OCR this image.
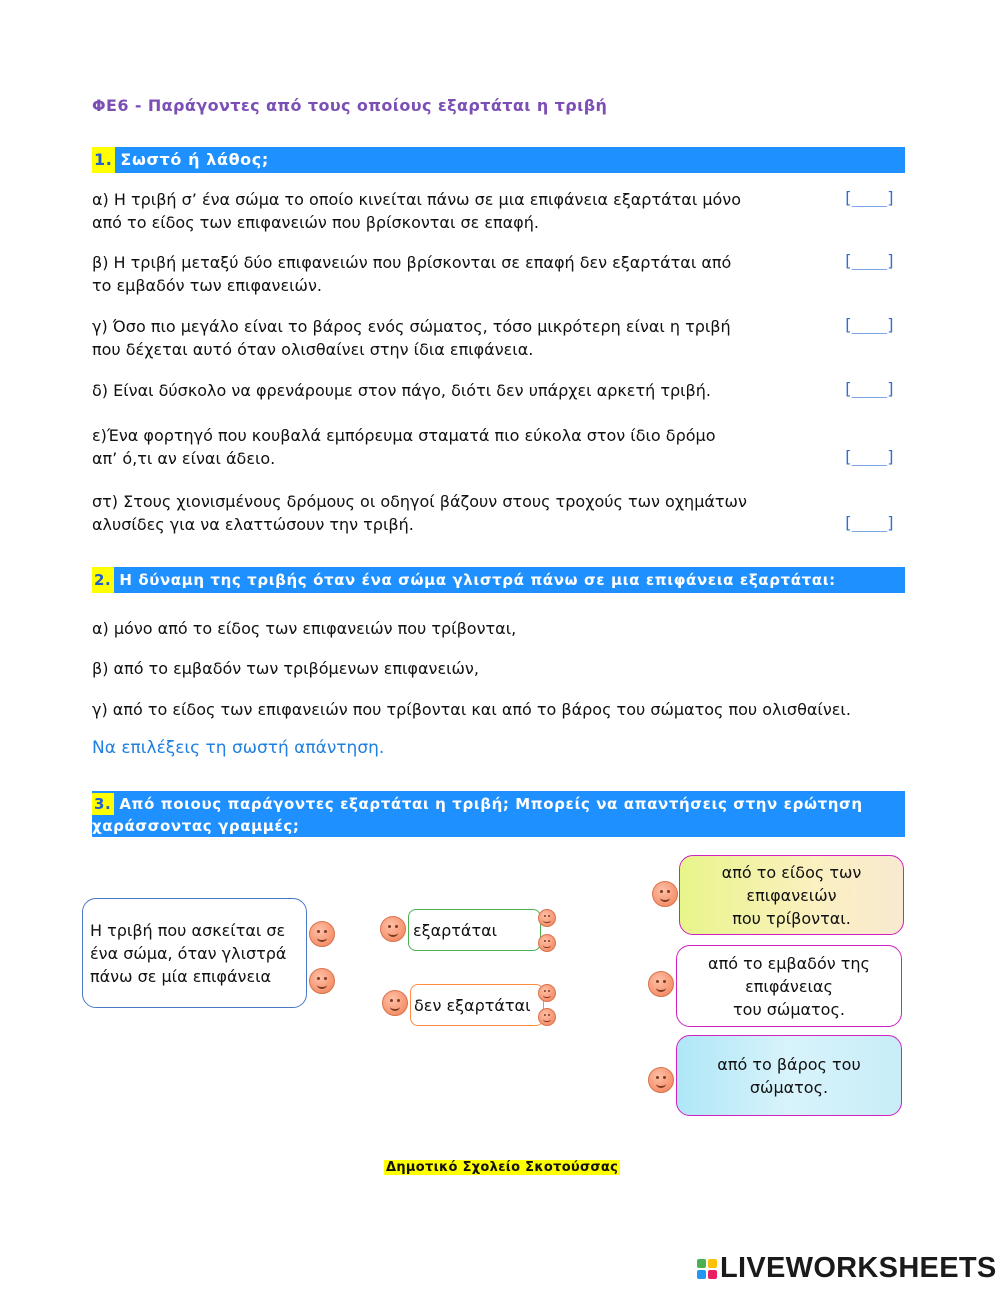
ΦΕ6 - Παράγοντες από τους οποίους εξαρτάται η τριβή
1. Σωστό ή λάθος;
α) Η τριβή σ’ ένα σώμα το οποίο κινείται πάνω σε μια επιφάνεια εξαρτάται μόνο
από το είδος των επιφανειών που βρίσκονται σε επαφή.
[____]
β) Η τριβή μεταξύ δύο επιφανειών που βρίσκονται σε επαφή δεν εξαρτάται από
το εμβαδόν των επιφανειών.
[____]
γ) Όσο πιο μεγάλο είναι το βάρος ενός σώματος, τόσο μικρότερη είναι η τριβή
που δέχεται αυτό όταν ολισθαίνει στην ίδια επιφάνεια.
[____]
δ) Είναι δύσκολο να φρενάρουμε στον πάγο, διότι δεν υπάρχει αρκετή τριβή.	[____]
ε)Ένα φορτηγό που κουβαλά εμπόρευμα σταματά πιο εύκολα στον ίδιο δρόμο
απ’ ό,τι αν είναι άδειο.	[____]
στ) Στους χιονισμένους δρόμους οι οδηγοί βάζουν στους τροχούς των οχημάτων
αλυσίδες για να ελαττώσουν την τριβή.	[____]
2. Η δύναμη της τριβής όταν ένα σώμα γλιστρά πάνω σε μια επιφάνεια εξαρτάται:
α) μόνο από το είδος των επιφανειών που τρίβονται,
β) από το εμβαδόν των τριβόμενων επιφανειών,
γ) από το είδος των επιφανειών που τρίβονται και από το βάρος του σώματος που ολισθαίνει.
Να επιλέξεις τη σωστή απάντηση.
3. Από ποιους παράγοντες εξαρτάται η τριβή; Μπορείς να απαντήσεις στην ερώτηση
χαράσσοντας γραμμές;
Η τριβή που ασκείται σε
ένα σώμα, όταν γλιστρά
πάνω σε μία επιφάνεια
εξαρτάται
δεν εξαρτάται
από το είδος των
επιφανειών
που τρίβονται.
από το εμβαδόν της
επιφάνειας
του σώματος.
από το βάρος του
σώματος.
Δημοτικό Σχολείο Σκοτούσσας
LIVEWORKSHEETS
